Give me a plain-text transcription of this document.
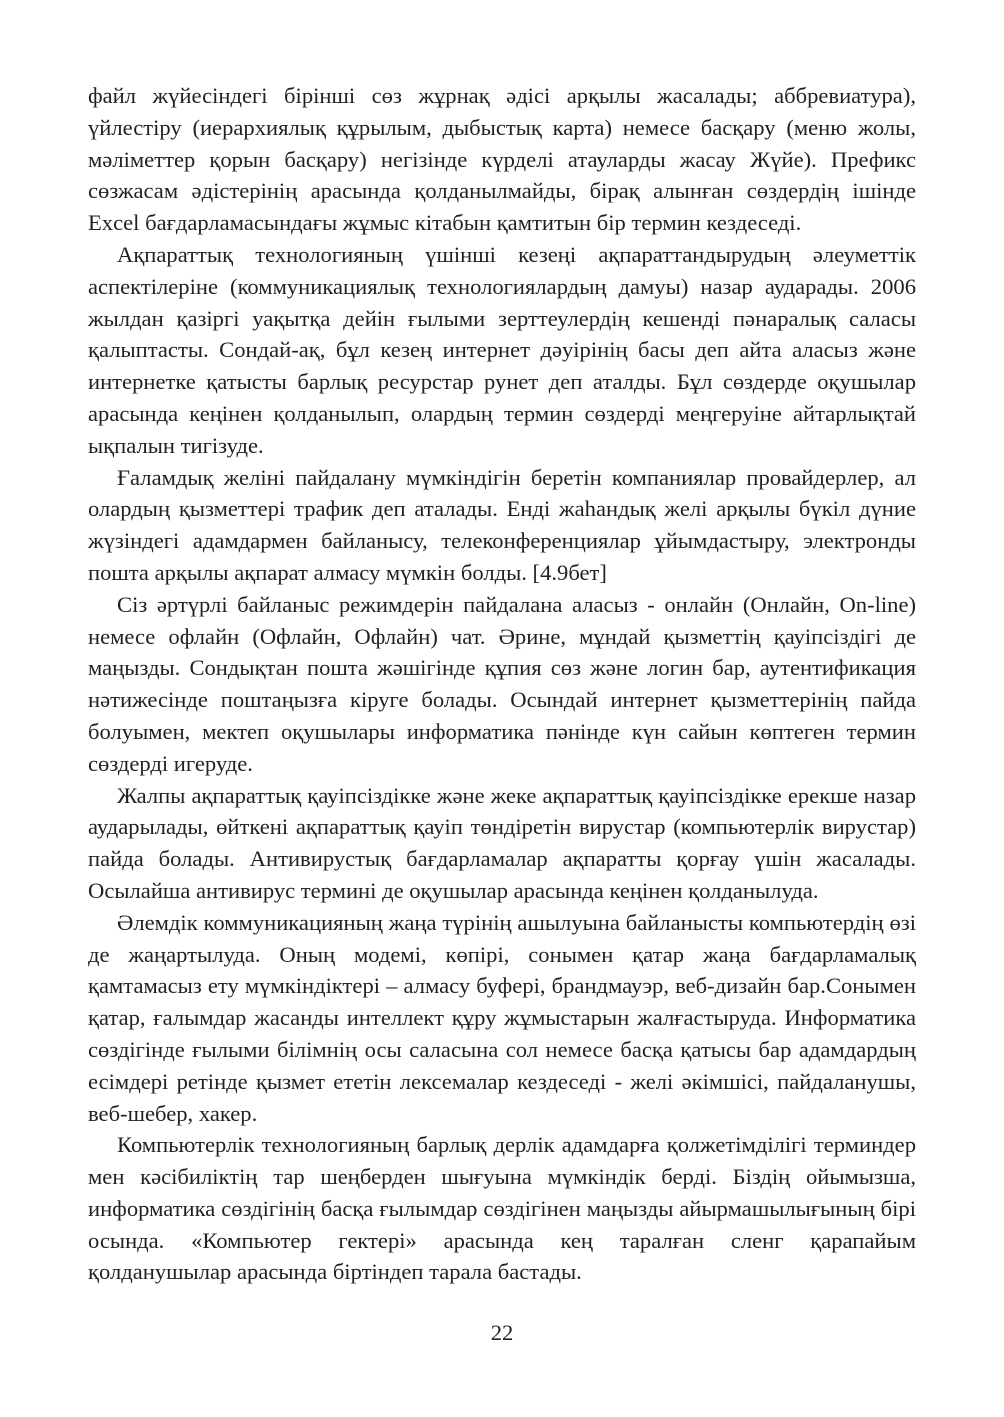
файл жүйесіндегі бірінші сөз жұрнақ әдісі арқылы жасалады; аббревиатура), үйлестіру (иерархиялық құрылым, дыбыстық карта) немесе басқару (меню жолы, мәліметтер қорын басқару) негізінде күрделі атауларды жасау Жүйе). Префикс сөзжасам әдістерінің арасында қолданылмайды, бірақ алынған сөздердің ішінде Excel бағдарламасындағы жұмыс кітабын қамтитын бір термин кездеседі.

Ақпараттық технологияның үшінші кезеңі ақпараттандырудың әлеуметтік аспектілеріне (коммуникациялық технологиялардың дамуы) назар аударады. 2006 жылдан қазіргі уақытқа дейін ғылыми зерттеулердің кешенді пәнаралық саласы қалыптасты. Сондай-ақ, бұл кезең интернет дәуірінің басы деп айта аласыз және интернетке қатысты барлық ресурстар рунет деп аталды. Бұл сөздерде оқушылар арасында кеңінен қолданылып, олардың термин сөздерді меңгеруіне айтарлықтай ықпалын тигізуде.

Ғаламдық желіні пайдалану мүмкіндігін беретін компаниялар провайдерлер, ал олардың қызметтері трафик деп аталады. Енді жаһандық желі арқылы бүкіл дүние жүзіндегі адамдармен байланысу, телеконференциялар ұйымдастыру, электронды пошта арқылы ақпарат алмасу мүмкін болды. [4.9бет]

Сіз әртүрлі байланыс режимдерін пайдалана аласыз - онлайн (Онлайн, On-line) немесе офлайн (Офлайн, Офлайн) чат. Әрине, мұндай қызметтің қауіпсіздігі де маңызды. Сондықтан пошта жәшігінде құпия сөз және логин бар, аутентификация нәтижесінде поштаңызға кіруге болады. Осындай интернет қызметтерінің пайда болуымен, мектеп оқушылары информатика пәнінде күн сайын көптеген термин сөздерді игеруде.

Жалпы ақпараттық қауіпсіздікке және жеке ақпараттық қауіпсіздікке ерекше назар аударылады, өйткені ақпараттық қауіп төндіретін вирустар (компьютерлік вирустар) пайда болады. Антивирустық бағдарламалар ақпаратты қорғау үшін жасалады. Осылайша антивирус термині де оқушылар арасында кеңінен қолданылуда.

Әлемдік коммуникацияның жаңа түрінің ашылуына байланысты компьютердің өзі де жаңартылуда. Оның модемі, көпірі, сонымен қатар жаңа бағдарламалық қамтамасыз ету мүмкіндіктері – алмасу буфері, брандмауэр, веб-дизайн бар.Сонымен қатар, ғалымдар жасанды интеллект құру жұмыстарын жалғастыруда. Информатика сөздігінде ғылыми білімнің осы саласына сол немесе басқа қатысы бар адамдардың есімдері ретінде қызмет ететін лексемалар кездеседі - желі әкімшісі, пайдаланушы, веб-шебер, хакер.

Компьютерлік технологияның барлық дерлік адамдарға қолжетімділігі терминдер мен кәсібиліктің тар шеңберден шығуына мүмкіндік берді. Біздің ойымызша, информатика сөздігінің басқа ғылымдар сөздігінен маңызды айырмашылығының бірі осында. «Компьютер гектері» арасында кең таралған сленг қарапайым қолданушылар арасында біртіндеп тарала бастады.

22
